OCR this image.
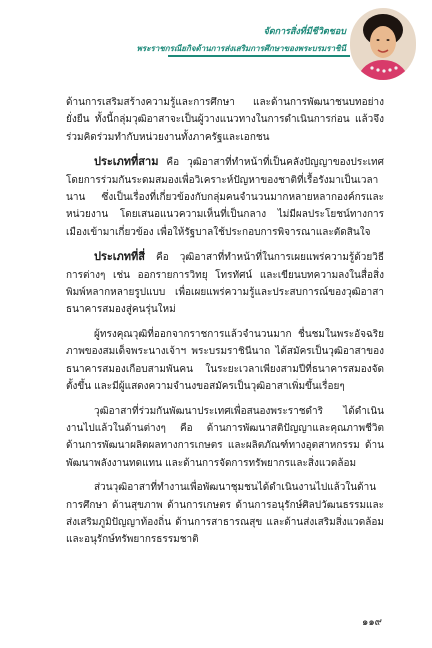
จัดการสิ่งที่มีชีวิตชอบ
พระราชกรณียกิจด้านการส่งเสริมการศึกษาของพระบรมราชินี

ด้านการเสริมสร้างความรู้และการศึกษา และด้านการพัฒนาชนบทอย่างยั่งยืน ทั้งนี้กลุ่มวุฒิอาสาจะเป็นผู้วางแนวทางในการดำเนินการก่อน แล้วจึงร่วมคิดร่วมทำกับหน่วยงานทั้งภาครัฐและเอกชน

ประเภทที่สาม คือ วุฒิอาสาที่ทำหน้าที่เป็นคลังปัญญาของประเทศ โดยการร่วมกันระดมสมองเพื่อวิเคราะห์ปัญหาของชาติที่เรื้อรังมาเป็นเวลานาน ซึ่งเป็นเรื่องที่เกี่ยวข้องกับกลุ่มคนจำนวนมากหลายหลากองค์กรและหน่วยงาน โดยเสนอแนวความเห็นที่เป็นกลาง ไม่มีผลประโยชน์ทางการเมืองเข้ามาเกี่ยวข้อง เพื่อให้รัฐบาลใช้ประกอบการพิจารณาและตัดสินใจ

ประเภทที่สี่ คือ วุฒิอาสาที่ทำหน้าที่ในการเผยแพร่ความรู้ด้วยวิธีการต่างๆ เช่น ออกรายการวิทยุ โทรทัศน์ และเขียนบทความลงในสื่อสิ่งพิมพ์หลากหลายรูปแบบ เพื่อเผยแพร่ความรู้และประสบการณ์ของวุฒิอาสาธนาคารสมองสู่คนรุ่นใหม่

ผู้ทรงคุณวุฒิที่ออกจากราชการแล้วจำนวนมาก ชื่นชมในพระอัจฉริยภาพของสมเด็จพระนางเจ้าฯ พระบรมราชินีนาถ ได้สมัครเป็นวุฒิอาสาของธนาคารสมองเกือบสามพันคน ในระยะเวลาเพียงสามปีที่ธนาคารสมองจัดตั้งขึ้น และมีผู้แสดงความจำนงขอสมัครเป็นวุฒิอาสาเพิ่มขึ้นเรื่อยๆ

วุฒิอาสาที่ร่วมกันพัฒนาประเทศเพื่อสนองพระราชดำริ ได้ดำเนินงานไปแล้วในด้านต่างๆ คือ ด้านการพัฒนาสติปัญญาและคุณภาพชีวิต ด้านการพัฒนาผลิตผลทางการเกษตร และผลิตภัณฑ์ทางอุตสาหกรรม ด้านพัฒนาพลังงานทดแทน และด้านการจัดการทรัพยากรและสิ่งแวดล้อม

ส่วนวุฒิอาสาที่ทำงานเพื่อพัฒนาชุมชนได้ดำเนินงานไปแล้วในด้านการศึกษา ด้านสุขภาพ ด้านการเกษตร ด้านการอนุรักษ์ศิลปวัฒนธรรมและส่งเสริมภูมิปัญญาท้องถิ่น ด้านการสาธารณสุข และด้านส่งเสริมสิ่งแวดล้อมและอนุรักษ์ทรัพยากรธรรมชาติ

๑๑๙
